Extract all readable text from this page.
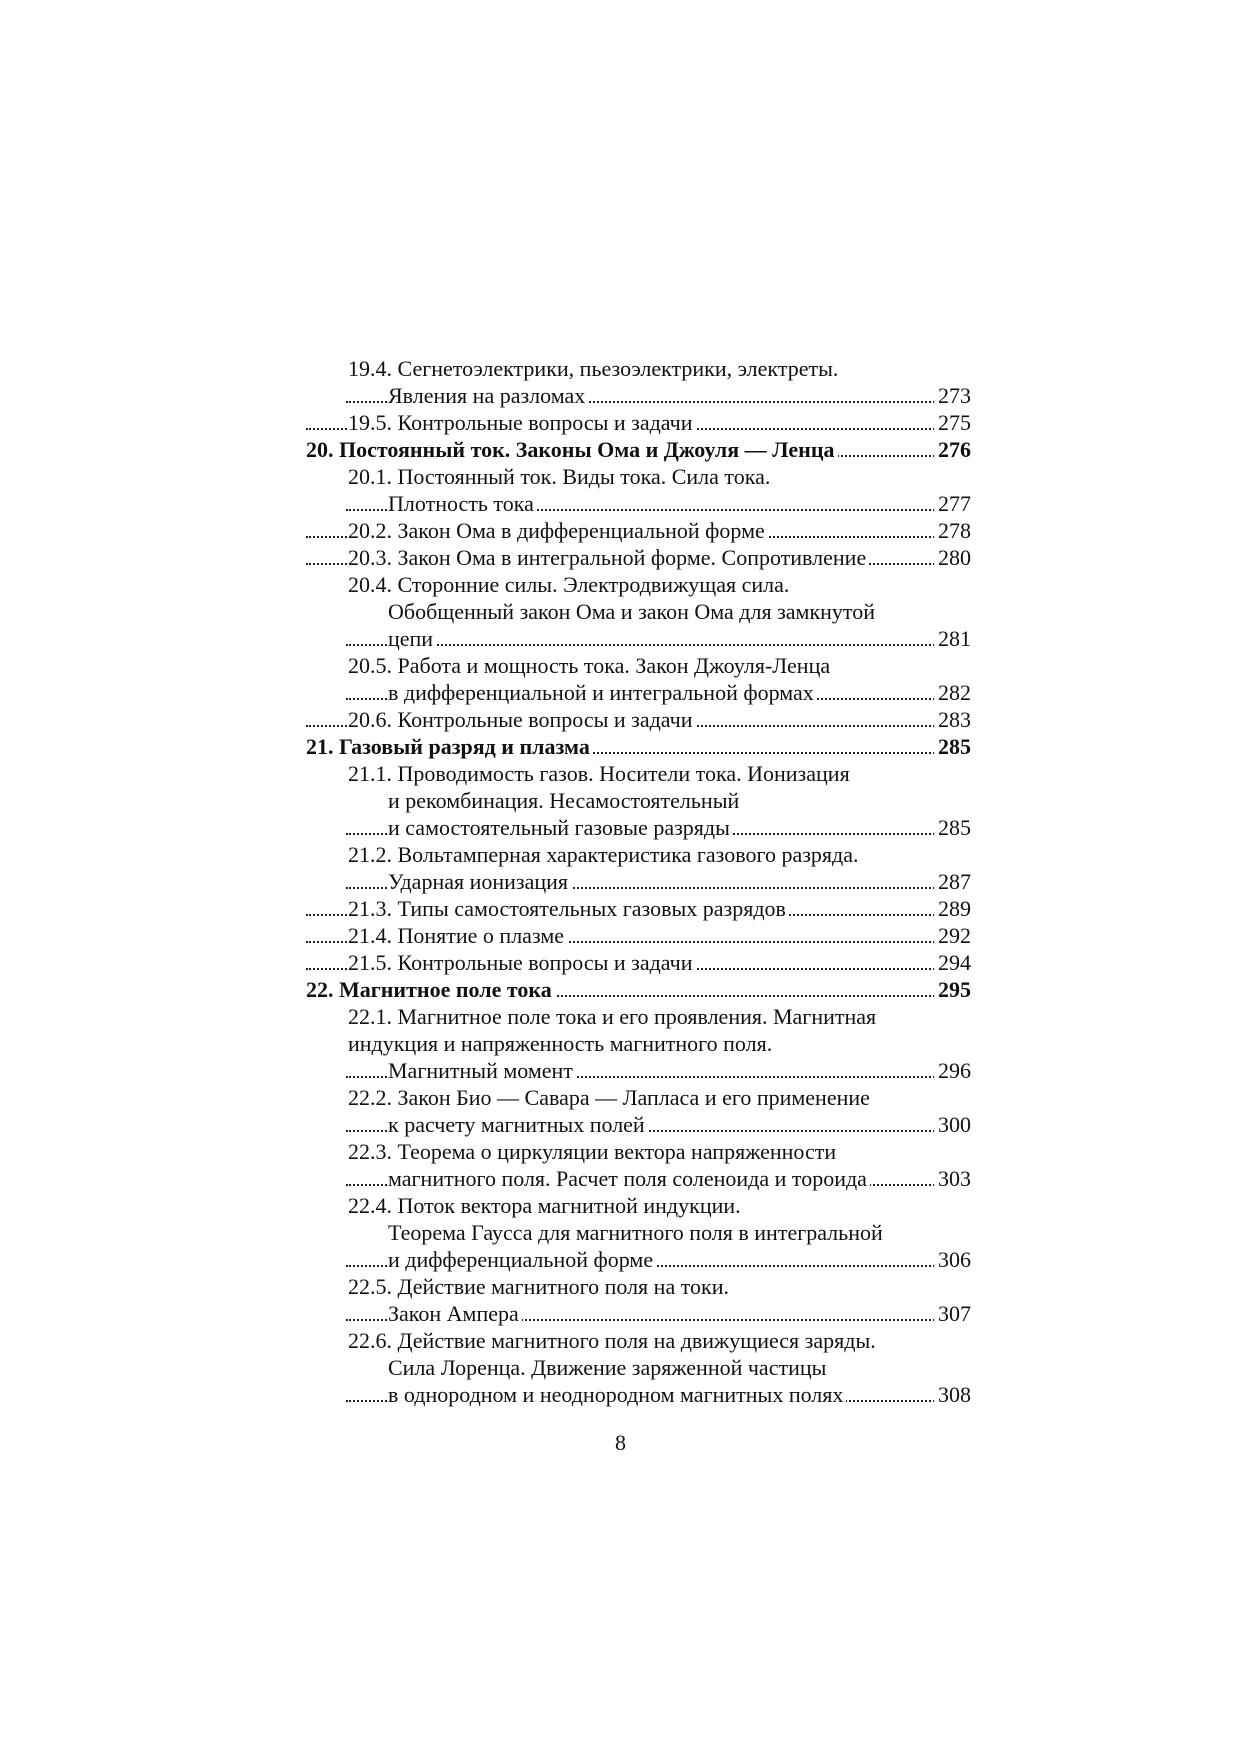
19.4. Сегнетоэлектрики, пьезоэлектрики, электреты.
Явления на разломах	273
19.5. Контрольные вопросы и задачи	275
20. Постоянный ток. Законы Ома и Джоуля — Ленца	276
20.1. Постоянный ток. Виды тока. Сила тока.
Плотность тока	277
20.2. Закон Ома в дифференциальной форме	278
20.3. Закон Ома в интегральной форме. Сопротивление	280
20.4. Сторонние силы. Электродвижущая сила.
Обобщенный закон Ома и закон Ома для замкнутой
цепи	281
20.5. Работа и мощность тока. Закон Джоуля-Ленца
в дифференциальной и интегральной формах	282
20.6. Контрольные вопросы и задачи	283
21. Газовый разряд и плазма	285
21.1. Проводимость газов. Носители тока. Ионизация
и рекомбинация. Несамостоятельный
и самостоятельный газовые разряды	285
21.2. Вольтамперная характеристика газового разряда.
Ударная ионизация	287
21.3. Типы самостоятельных газовых разрядов	289
21.4. Понятие о плазме	292
21.5. Контрольные вопросы и задачи	294
22. Магнитное поле тока	295
22.1. Магнитное поле тока и его проявления. Магнитная
индукция и напряженность магнитного поля.
Магнитный момент	296
22.2. Закон Био — Савара — Лапласа и его применение
к расчету магнитных полей	300
22.3. Теорема о циркуляции вектора напряженности
магнитного поля. Расчет поля соленоида и тороида	303
22.4. Поток вектора магнитной индукции.
Теорема Гаусса для магнитного поля в интегральной
и дифференциальной форме	306
22.5. Действие магнитного поля на токи.
Закон Ампера	307
22.6. Действие магнитного поля на движущиеся заряды.
Сила Лоренца. Движение заряженной частицы
в однородном и неоднородном магнитных полях	308
8
